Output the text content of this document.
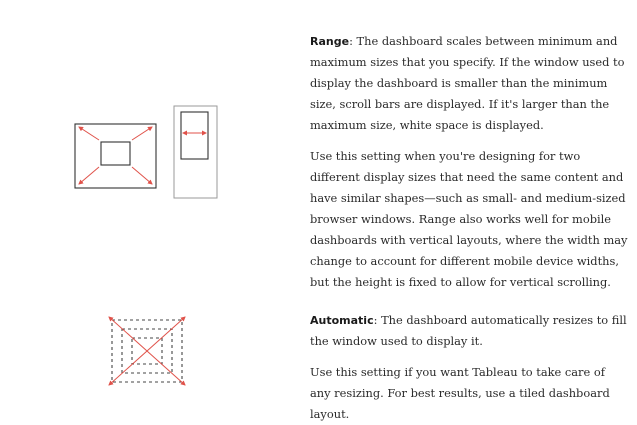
Range: The dashboard scales between minimum and maximum sizes that you specify. If the window used to display the dashboard is smaller than the minimum size, scroll bars are displayed. If it's larger than the maximum size, white space is displayed.

Use this setting when you're designing for two different display sizes that need the same content and have similar shapes—such as small- and medium-sized browser windows. Range also works well for mobile dashboards with vertical layouts, where the width may change to account for different mobile device widths, but the height is fixed to allow for vertical scrolling.

Automatic: The dashboard automatically resizes to fill the window used to display it.

Use this setting if you want Tableau to take care of any resizing. For best results, use a tiled dashboard layout.
